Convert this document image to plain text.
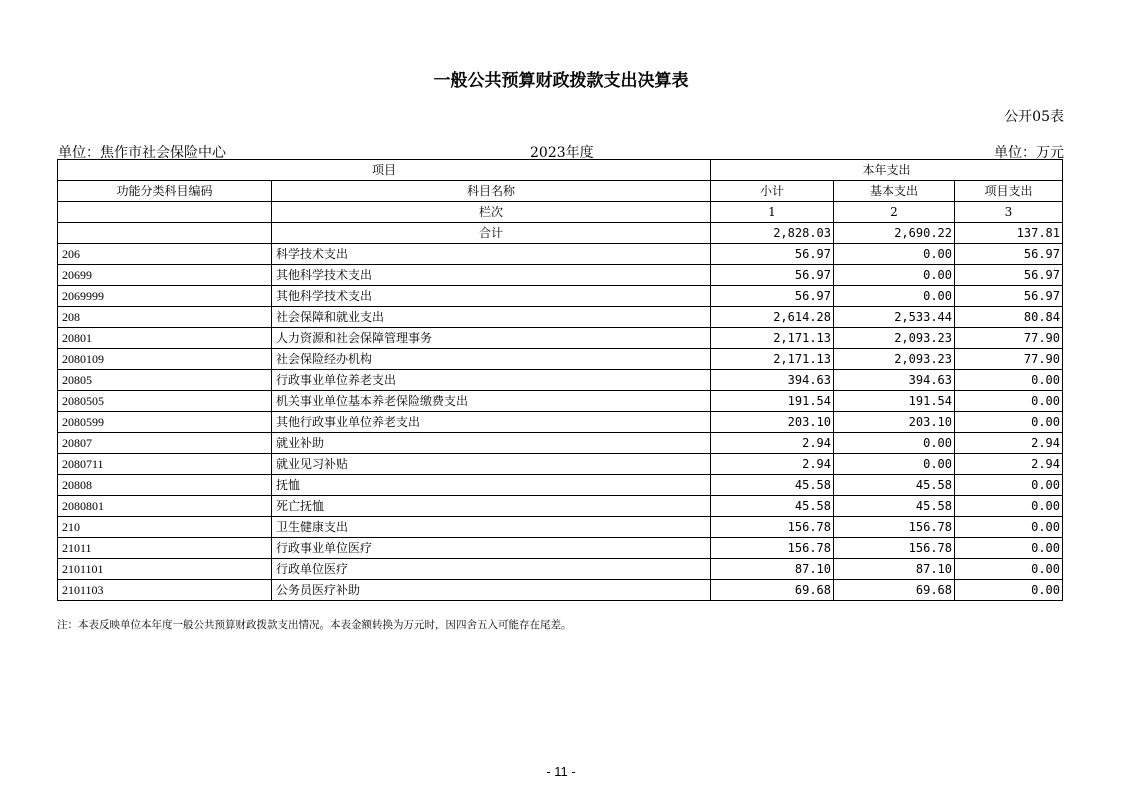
一般公共预算财政拨款支出决算表
公开05表
单位：焦作市社会保险中心	2023年度	单位：万元
项目		本年支出		
功能分类科目编码	科目名称	小计	基本支出	项目支出
	栏次	1	2	3
	合计	2,828.03	2,690.22	137.81
206	科学技术支出	56.97	0.00	56.97
20699	其他科学技术支出	56.97	0.00	56.97
2069999	其他科学技术支出	56.97	0.00	56.97
208	社会保障和就业支出	2,614.28	2,533.44	80.84
20801	人力资源和社会保障管理事务	2,171.13	2,093.23	77.90
2080109	社会保险经办机构	2,171.13	2,093.23	77.90
20805	行政事业单位养老支出	394.63	394.63	0.00
2080505	机关事业单位基本养老保险缴费支出	191.54	191.54	0.00
2080599	其他行政事业单位养老支出	203.10	203.10	0.00
20807	就业补助	2.94	0.00	2.94
2080711	就业见习补贴	2.94	0.00	2.94
20808	抚恤	45.58	45.58	0.00
2080801	死亡抚恤	45.58	45.58	0.00
210	卫生健康支出	156.78	156.78	0.00
21011	行政事业单位医疗	156.78	156.78	0.00
2101101	行政单位医疗	87.10	87.10	0.00
2101103	公务员医疗补助	69.68	69.68	0.00
注：本表反映单位本年度一般公共预算财政拨款支出情况。本表金额转换为万元时，因四舍五入可能存在尾差。
- 11 -
